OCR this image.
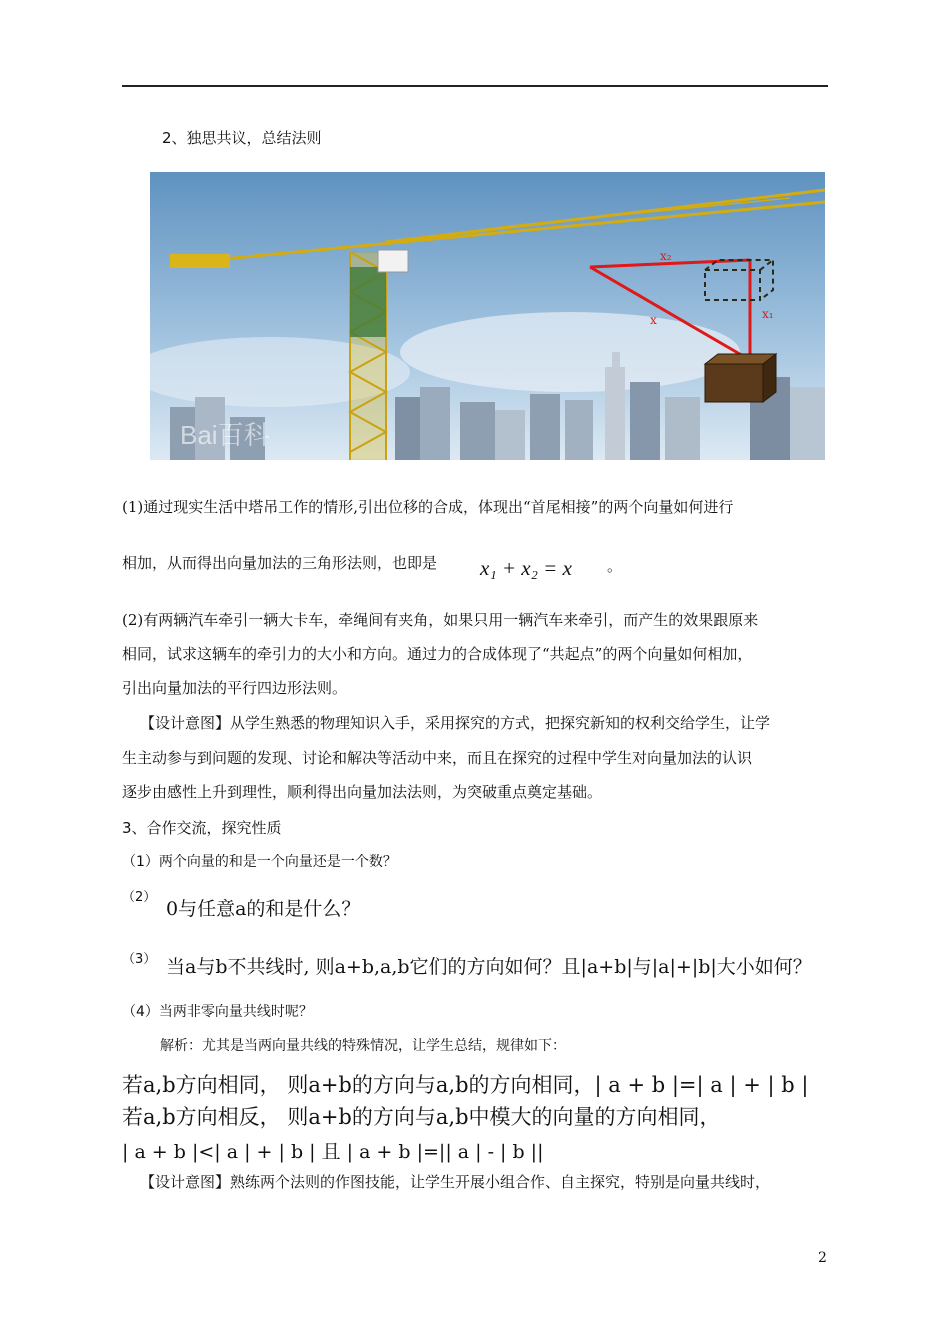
2、独思共议，总结法则
Bai百科
x₂
x₁
x
(1)通过现实生活中塔吊工作的情形,引出位移的合成，体现出“首尾相接”的两个向量如何进行
相加，从而得出向量加法的三角形法则，也即是 x₁ + x₂ = x 。
(2)有两辆汽车牵引一辆大卡车，牵绳间有夹角，如果只用一辆汽车来牵引，而产生的效果跟原来
相同，试求这辆车的牵引力的大小和方向。通过力的合成体现了“共起点”的两个向量如何相加，
引出向量加法的平行四边形法则。
【设计意图】从学生熟悉的物理知识入手，采用探究的方式，把探究新知的权利交给学生，让学
生主动参与到问题的发现、讨论和解决等活动中来，而且在探究的过程中学生对向量加法的认识
逐步由感性上升到理性，顺利得出向量加法法则，为突破重点奠定基础。
3、合作交流，探究性质
（1）两个向量的和是一个向量还是一个数？
（2）
0与任意a的和是什么？
（3） 当a与b不共线时, 则a+b,a,b它们的方向如何？且|a+b|与|a|+|b|大小如何？
（4）当两非零向量共线时呢？
解析：尤其是当两向量共线的特殊情况，让学生总结，规律如下：
若a,b方向相同， 则a+b的方向与a,b的方向相同，| a + b |=| a | + | b |
若a,b方向相反， 则a+b的方向与a,b中模大的向量的方向相同，
| a + b |<| a | + | b | 且 | a + b |=|| a | - | b ||
【设计意图】熟练两个法则的作图技能，让学生开展小组合作、自主探究，特别是向量共线时，
2
